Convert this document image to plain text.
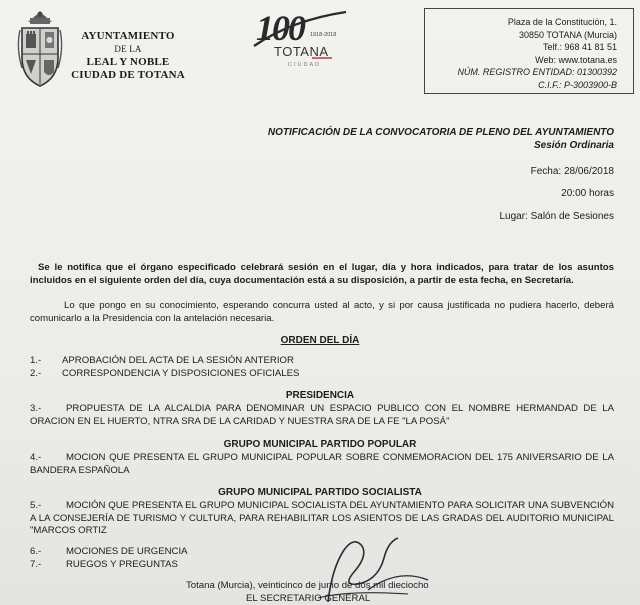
AYUNTAMIENTO
DE LA
LEAL Y NOBLE
CIUDAD DE TOTANA
100	1918-2018
TOTANA
CIUDAD
Plaza de la Constitución, 1.
30850 TOTANA (Murcia)
Telf.: 968 41 81 51
Web: www.totana.es
NÚM. REGISTRO ENTIDAD: 01300392
C.I.F.: P-3003900-B
NOTIFICACIÓN DE LA CONVOCATORIA DE PLENO DEL AYUNTAMIENTO
Sesión Ordinaria
Fecha: 28/06/2018
20:00 horas
Lugar: Salón de Sesiones
Se le notifica que el órgano especificado celebrará sesión en el lugar, día y hora indicados, para tratar de los asuntos incluidos en el siguiente orden del día, cuya documentación está a su disposición, a partir de esta fecha, en Secretaría.
Lo que pongo en su conocimiento, esperando concurra usted al acto, y si por causa justificada no pudiera hacerlo, deberá comunicarlo a la Presidencia con la antelación necesaria.
ORDEN DEL DÍA
1.- APROBACIÓN DEL ACTA DE LA SESIÓN ANTERIOR
2.- CORRESPONDENCIA Y DISPOSICIONES OFICIALES
PRESIDENCIA
3.-	PROPUESTA DE LA ALCALDIA PARA DENOMINAR UN ESPACIO PUBLICO CON EL NOMBRE HERMANDAD DE LA ORACION EN EL HUERTO, NTRA SRA DE LA CARIDAD Y NUESTRA SRA DE LA FE "LA POSÁ"
GRUPO MUNICIPAL PARTIDO POPULAR
4.-	MOCION QUE PRESENTA EL GRUPO MUNICIPAL POPULAR SOBRE CONMEMORACION DEL 175 ANIVERSARIO DE LA BANDERA ESPAÑOLA
GRUPO MUNICIPAL PARTIDO SOCIALISTA
5.-	MOCIÓN QUE PRESENTA EL GRUPO MUNICIPAL SOCIALISTA DEL AYUNTAMIENTO PARA SOLICITAR UNA SUBVENCIÓN A LA CONSEJERÍA DE TURISMO Y CULTURA, PARA REHABILITAR LOS ASIENTOS DE LAS GRADAS DEL AUDITORIO MUNICIPAL "MARCOS ORTIZ
6.-	MOCIONES DE URGENCIA
7.-	RUEGOS Y PREGUNTAS
Totana (Murcia), veinticinco de junio de dos mil dieciocho
EL SECRETARIO GENERAL
